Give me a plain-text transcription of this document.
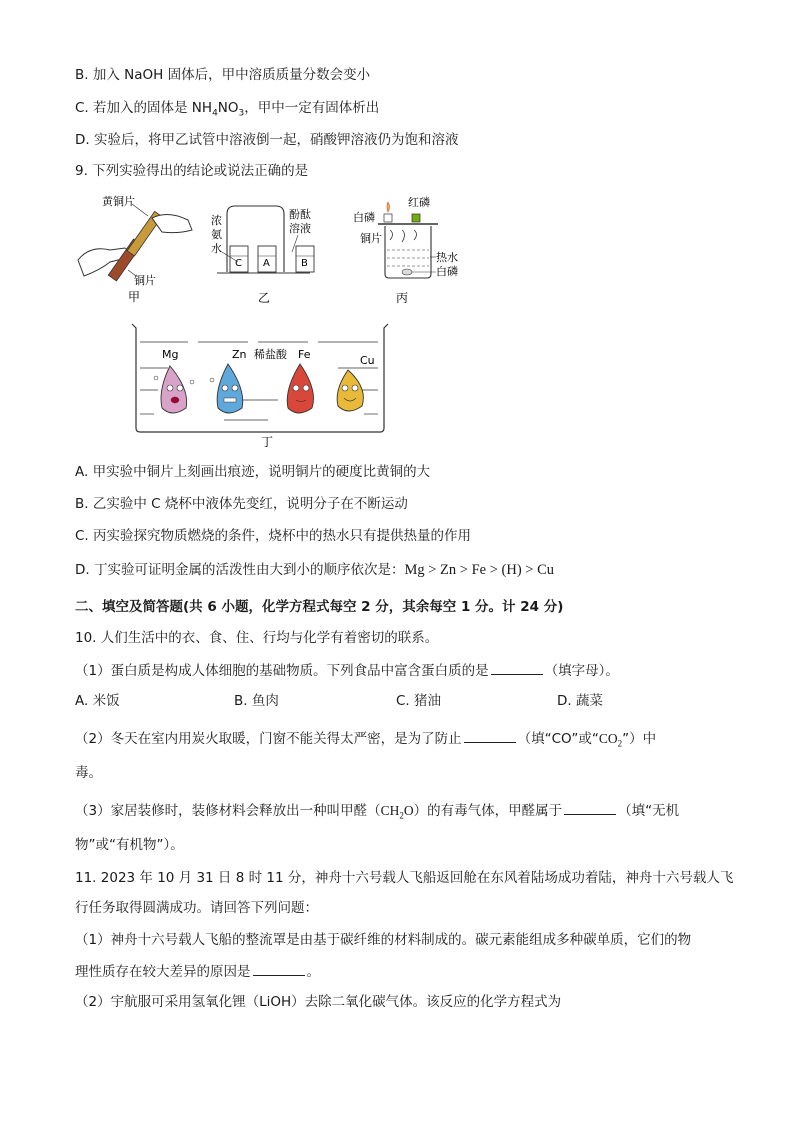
B. 加入 NaOH 固体后，甲中溶质质量分数会变小
C. 若加入的固体是 $NH_4NO_3$，甲中一定有固体析出
D. 实验后，将甲乙试管中溶液倒一起，硝酸钾溶液仍为饱和溶液
9. 下列实验得出的结论或说法正确的是
黄铜片
铜片
甲
C A	B
浓
氨
水
酚酞
溶液
乙
红磷
白磷
铜片
热水
白磷
丙
Mg	Zn 稀盐酸 Fe	Cu
丁
A. 甲实验中铜片上刻画出痕迹，说明铜片的硬度比黄铜的大
B. 乙实验中 C 烧杯中液体先变红，说明分子在不断运动
C. 丙实验探究物质燃烧的条件，烧杯中的热水只有提供热量的作用
D. 丁实验可证明金属的活泼性由大到小的顺序依次是：Mg > Zn > Fe > (H) > Cu
二、填空及简答题(共 6 小题，化学方程式每空 2 分，其余每空 1 分。计 24 分)
10. 人们生活中的衣、食、住、行均与化学有着密切的联系。
（1）蛋白质是构成人体细胞的基础物质。下列食品中富含蛋白质的是	（填字母）。
A. 米饭	B. 鱼肉	C. 猪油	D. 蔬菜
（2）冬天在室内用炭火取暖，门窗不能关得太严密，是为了防止	（填“CO”或“$CO_2$”）中
毒。
（3）家居装修时，装修材料会释放出一种叫甲醛$(CH_2O)$的有毒气体，甲醛属于	（填“无机
物”或“有机物”）。
11. 2023 年 10 月 31 日 8 时 11 分，神舟十六号载人飞船返回舱在东风着陆场成功着陆，神舟十六号载人飞
行任务取得圆满成功。请回答下列问题：
（1）神舟十六号载人飞船的整流罩是由基于碳纤维的材料制成的。碳元素能组成多种碳单质，它们的物
理性质存在较大差异的原因是	。
（2）宇航服可采用氢氧化锂（LiOH）去除二氧化碳气体。该反应的化学方程式为
